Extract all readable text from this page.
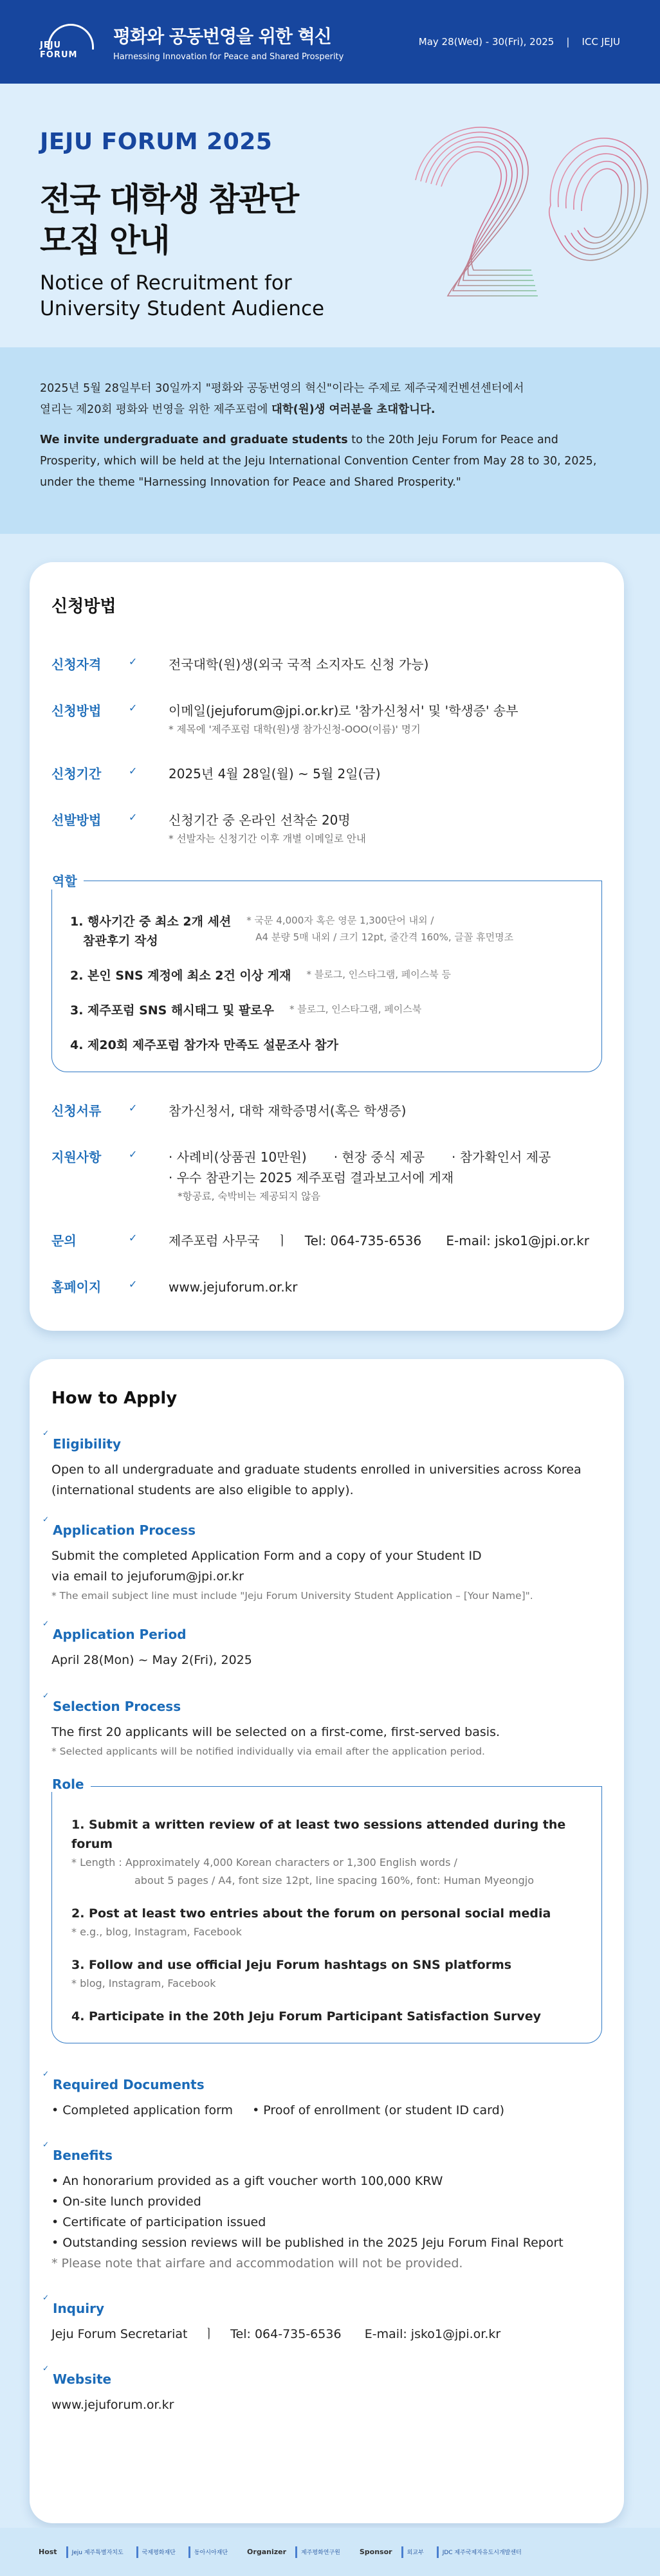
JEJU FORUM
평화와 공동번영을 위한 혁신
Harnessing Innovation for Peace and Shared Prosperity
May 28(Wed) - 30(Fri), 2025    |    ICC JEJU
JEJU FORUM 2025
전국 대학생 참관단
모집 안내
Notice of Recruitment for
University Student Audience

2025년 5월 28일부터 30일까지 "평화와 공동번영의 혁신"이라는 주제로 제주국제컨벤션센터에서
열리는 제20회 평화와 번영을 위한 제주포럼에 대학(원)생 여러분을 초대합니다.

We invite undergraduate and graduate students to the 20th Jeju Forum for Peace and Prosperity, which will be held at the Jeju International Convention Center from May 28 to 30, 2025, under the theme "Harnessing Innovation for Peace and Shared Prosperity."

신청방법
신청자격	✓	전국대학(원)생(외국 국적 소지자도 신청 가능)
신청방법	✓	이메일(jejuforum@jpi.or.kr)로 '참가신청서' 및 '학생증' 송부
* 제목에 '제주포럼 대학(원)생 참가신청-OOO(이름)' 명기
신청기간	✓	2025년 4월 28일(월) ~ 5월 2일(금)
선발방법	✓	신청기간 중 온라인 선착순 20명
* 선발자는 신청기간 이후 개별 이메일로 안내
역할
1. 행사기간 중 최소 2개 세션
참관후기 작성
* 국문 4,000자 혹은 영문 1,300단어 내외 /
A4 분량 5매 내외 / 크기 12pt, 줄간격 160%, 글꼴 휴먼명조
2. 본인 SNS 계정에 최소 2건 이상 게재 * 블로그, 인스타그램, 페이스북 등
3. 제주포럼 SNS 해시태그 및 팔로우 * 블로그, 인스타그램, 페이스북
4. 제20회 제주포럼 참가자 만족도 설문조사 참가
신청서류	✓	참가신청서, 대학 재학증명서(혹은 학생증)
지원사항	✓	· 사례비(상품권 10만원) · 현장 중식 제공 · 참가확인서 제공
· 우수 참관기는 2025 제주포럼 결과보고서에 게재
*항공료, 숙박비는 제공되지 않음
문의	✓	제주포럼 사무국    ㅣ    Tel: 064-735-6536      E-mail: jsko1@jpi.or.kr
홈페이지	✓	www.jejuforum.or.kr
How to Apply
✓ Eligibility
Open to all undergraduate and graduate students enrolled in universities across Korea (international students are also eligible to apply).
✓ Application Process
Submit the completed Application Form and a copy of your Student ID
via email to jejuforum@jpi.or.kr
* The email subject line must include "Jeju Forum University Student Application – [Your Name]".
✓ Application Period
April 28(Mon) ~ May 2(Fri), 2025
✓ Selection Process
The first 20 applicants will be selected on a first-come, first-served basis.
* Selected applicants will be notified individually via email after the application period.
Role
1. Submit a written review of at least two sessions attended during the forum
* Length : Approximately 4,000 Korean characters or 1,300 English words /
about 5 pages / A4, font size 12pt, line spacing 160%, font: Human Myeongjo
2. Post at least two entries about the forum on personal social media
* e.g., blog, Instagram, Facebook
3. Follow and use official Jeju Forum hashtags on SNS platforms
* blog, Instagram, Facebook
4. Participate in the 20th Jeju Forum Participant Satisfaction Survey
✓ Required Documents
• Completed application form • Proof of enrollment (or student ID card)
✓ Benefits
• An honorarium provided as a gift voucher worth 100,000 KRW
• On-site lunch provided
• Certificate of participation issued
• Outstanding session reviews will be published in the 2025 Jeju Forum Final Report
* Please note that airfare and accommodation will not be provided.
✓ Inquiry
Jeju Forum Secretariat    ㅣ    Tel: 064-735-6536      E-mail: jsko1@jpi.or.kr
✓ Website
www.jejuforum.or.kr
Host	Jeju 제주특별자치도	국제평화재단	동아시아재단	Organizer	제주평화연구원	Sponsor	외교부	JDC 제주국제자유도시개발센터
